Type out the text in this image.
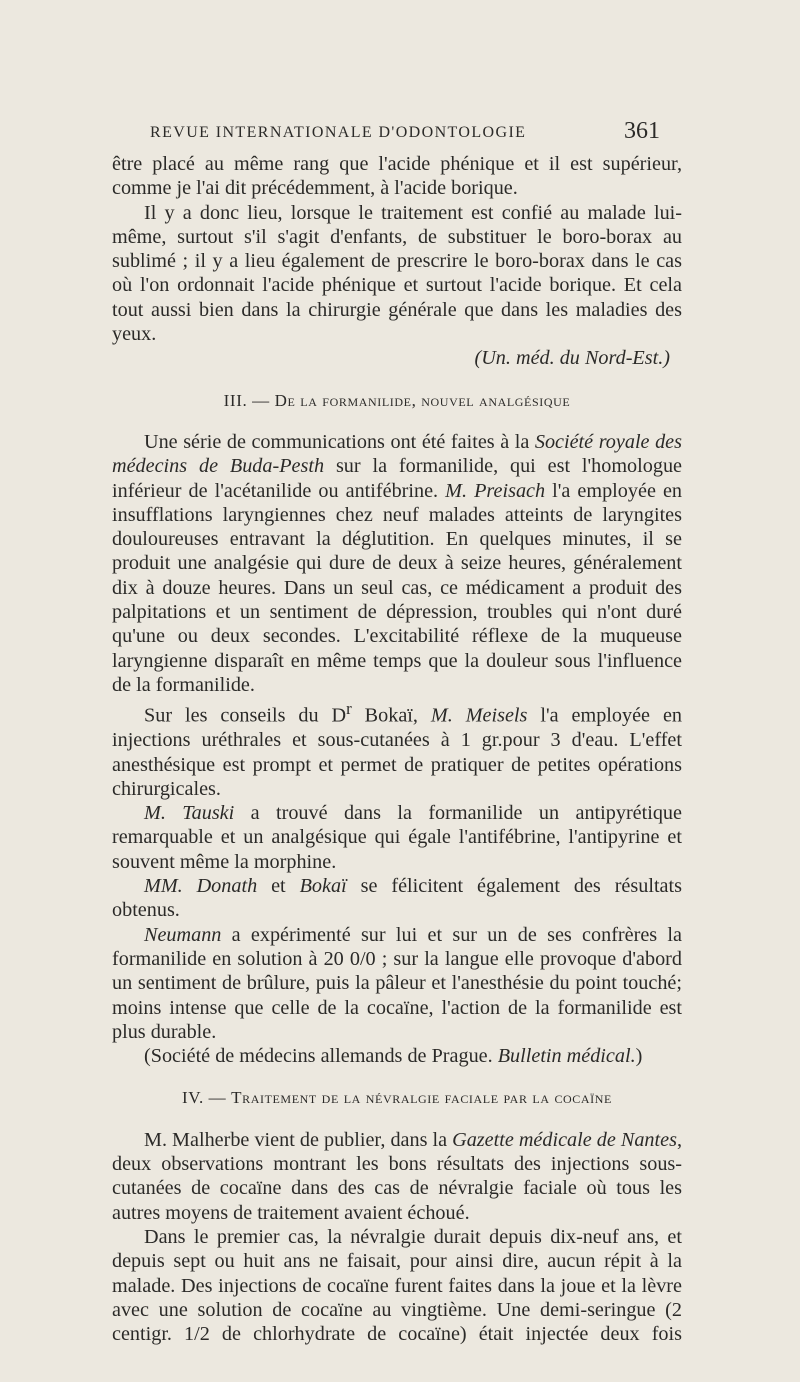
REVUE INTERNATIONALE D'ODONTOLOGIE	361

être placé au même rang que l'acide phénique et il est supérieur, comme je l'ai dit précédemment, à l'acide borique.

Il y a donc lieu, lorsque le traitement est confié au malade lui-même, surtout s'il s'agit d'enfants, de substituer le boro-borax au sublimé ; il y a lieu également de prescrire le boro-borax dans le cas où l'on ordonnait l'acide phénique et surtout l'acide borique. Et cela tout aussi bien dans la chirurgie générale que dans les maladies des yeux.

(Un. méd. du Nord-Est.)

III. — De la formanilide, nouvel analgésique

Une série de communications ont été faites à la Société royale des médecins de Buda-Pesth sur la formanilide, qui est l'homologue inférieur de l'acétanilide ou antifébrine. M. Preisach l'a employée en insufflations laryngiennes chez neuf malades atteints de laryngites douloureuses entravant la déglutition. En quelques minutes, il se produit une analgésie qui dure de deux à seize heures, généralement dix à douze heures. Dans un seul cas, ce médicament a produit des palpitations et un sentiment de dépression, troubles qui n'ont duré qu'une ou deux secondes. L'excitabilité réflexe de la muqueuse laryngienne disparaît en même temps que la douleur sous l'influence de la formanilide.

Sur les conseils du $D^r$ Bokaï, M. Meisels l'a employée en injections uréthrales et sous-cutanées à 1 gr.pour 3 d'eau. L'effet anesthésique est prompt et permet de pratiquer de petites opérations chirurgicales.

M. Tauski a trouvé dans la formanilide un antipyrétique remarquable et un analgésique qui égale l'antifébrine, l'antipyrine et souvent même la morphine.

MM. Donath et Bokaï se félicitent également des résultats obtenus.

Neumann a expérimenté sur lui et sur un de ses confrères la formanilide en solution à 20 0/0 ; sur la langue elle provoque d'abord un sentiment de brûlure, puis la pâleur et l'anesthésie du point touché; moins intense que celle de la cocaïne, l'action de la formanilide est plus durable.

(Société de médecins allemands de Prague. Bulletin médical.)

IV. — Traitement de la névralgie faciale par la cocaïne

M. Malherbe vient de publier, dans la Gazette médicale de Nantes, deux observations montrant les bons résultats des injections sous-cutanées de cocaïne dans des cas de névralgie faciale où tous les autres moyens de traitement avaient échoué.

Dans le premier cas, la névralgie durait depuis dix-neuf ans, et depuis sept ou huit ans ne faisait, pour ainsi dire, aucun répit à la malade. Des injections de cocaïne furent faites dans la joue et la lèvre avec une solution de cocaïne au vingtième. Une demi-seringue (2 centigr. 1/2 de chlorhydrate de cocaïne) était injectée deux fois
